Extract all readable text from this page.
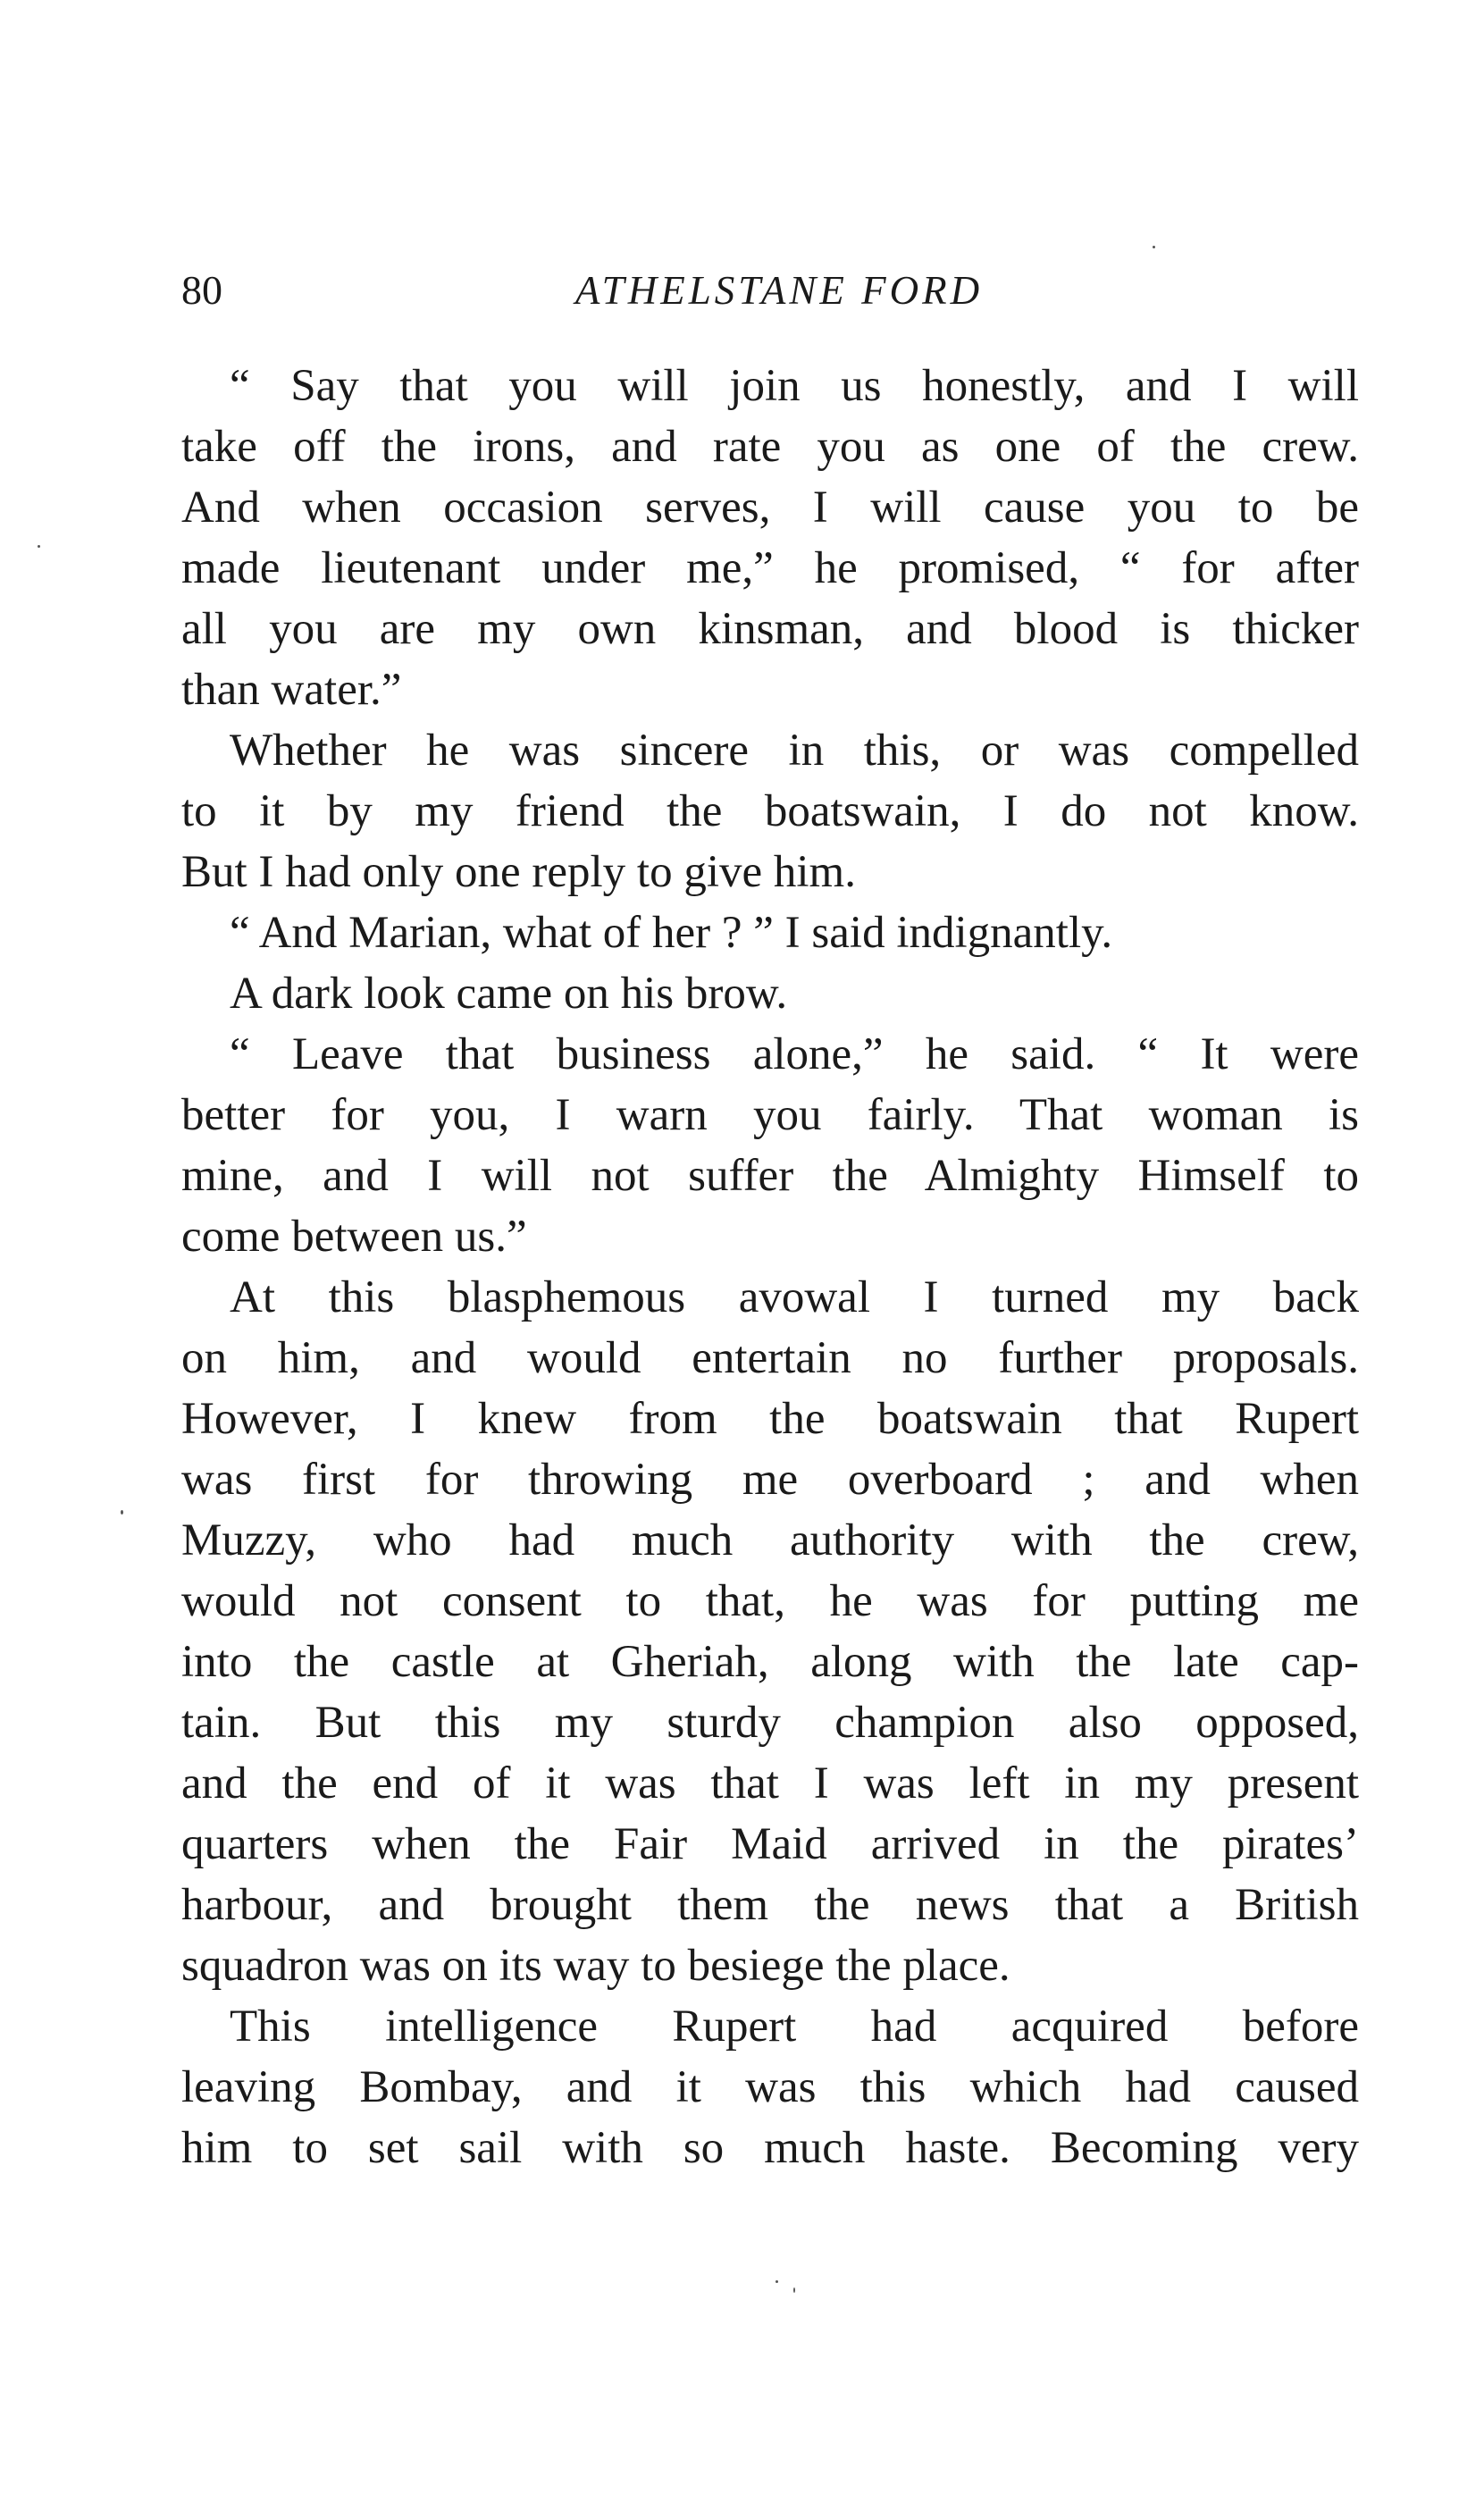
80	ATHELSTANE FORD
“ Say that you will join us honestly, and I will
take off the irons, and rate you as one of the crew.
And when occasion serves, I will cause you to be
made lieutenant under me,” he promised, “ for after
all you are my own kinsman, and blood is thicker
than water.”
Whether he was sincere in this, or was compelled
to it by my friend the boatswain, I do not know.
But I had only one reply to give him.
“ And Marian, what of her ? ” I said indignantly.
A dark look came on his brow.
“ Leave that business alone,” he said. “ It were
better for you, I warn you fairly. That woman is
mine, and I will not suffer the Almighty Himself to
come between us.”
At this blasphemous avowal I turned my back
on him, and would entertain no further proposals.
However, I knew from the boatswain that Rupert
was first for throwing me overboard ; and when
Muzzy, who had much authority with the crew,
would not consent to that, he was for putting me
into the castle at Gheriah, along with the late cap-
tain. But this my sturdy champion also opposed,
and the end of it was that I was left in my present
quarters when the Fair Maid arrived in the pirates’
harbour, and brought them the news that a British
squadron was on its way to besiege the place.
This intelligence Rupert had acquired before
leaving Bombay, and it was this which had caused
him to set sail with so much haste. Becoming very
